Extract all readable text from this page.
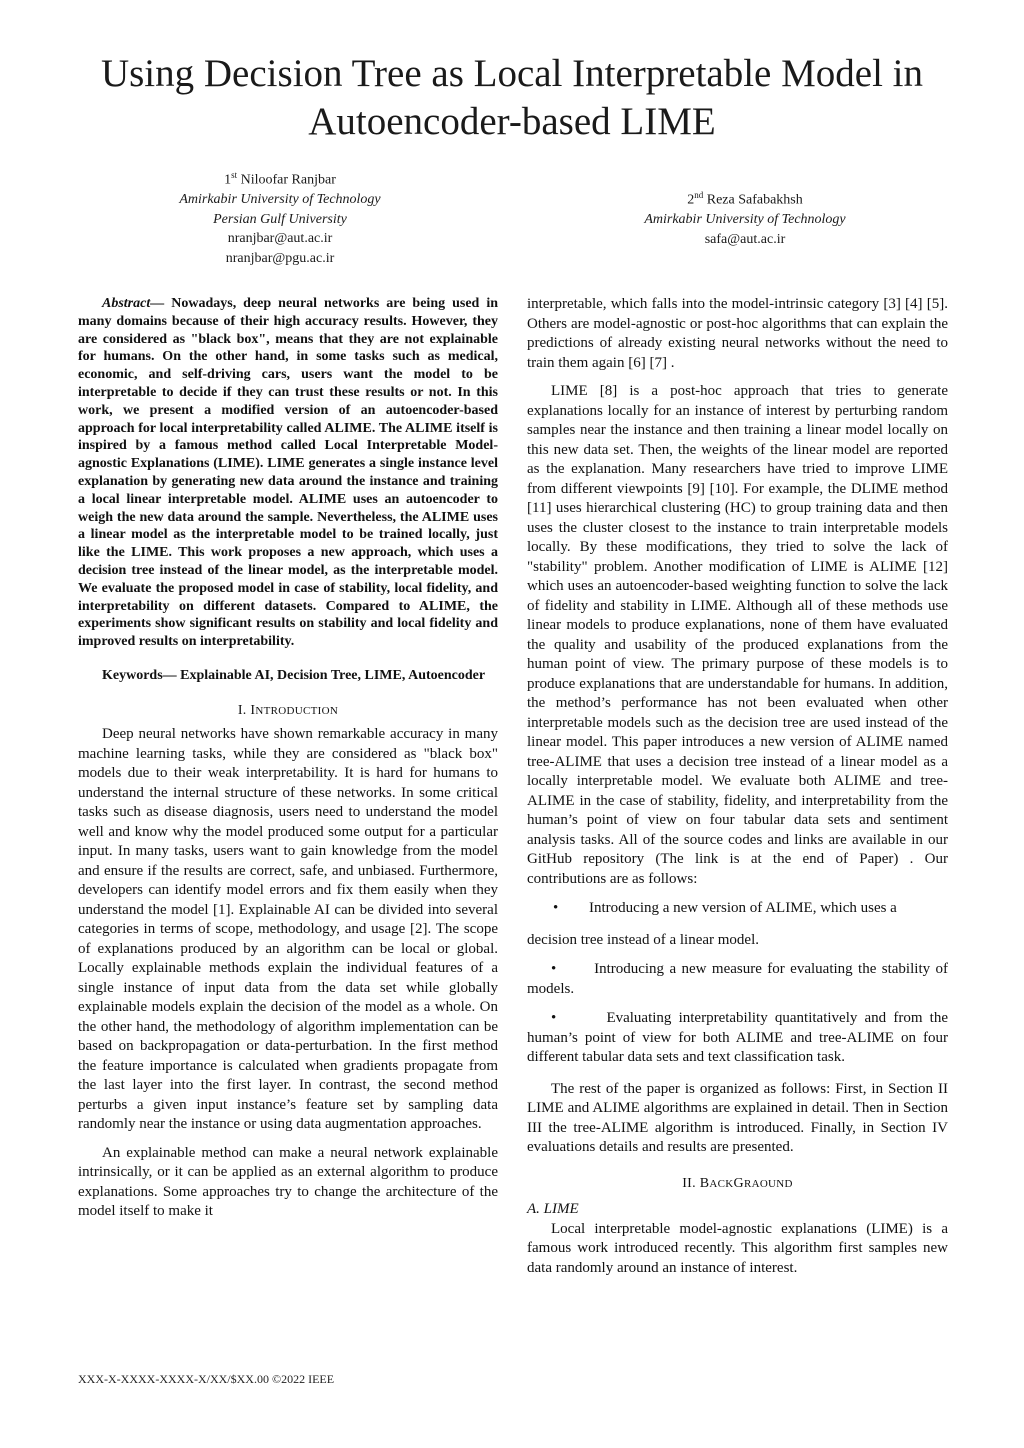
Using Decision Tree as Local Interpretable Model in Autoencoder-based LIME
1st Niloofar Ranjbar
Amirkabir University of Technology
Persian Gulf University
nranjbar@aut.ac.ir
nranjbar@pgu.ac.ir
2nd Reza Safabakhsh
Amirkabir University of Technology
safa@aut.ac.ir

Abstract— Nowadays, deep neural networks are being used in many domains because of their high accuracy results. However, they are considered as "black box", means that they are not explainable for humans. On the other hand, in some tasks such as medical, economic, and self-driving cars, users want the model to be interpretable to decide if they can trust these results or not. In this work, we present a modified version of an autoencoder-based approach for local interpretability called ALIME. The ALIME itself is inspired by a famous method called Local Interpretable Model-agnostic Explanations (LIME). LIME generates a single instance level explanation by generating new data around the instance and training a local linear interpretable model. ALIME uses an autoencoder to weigh the new data around the sample. Nevertheless, the ALIME uses a linear model as the interpretable model to be trained locally, just like the LIME. This work proposes a new approach, which uses a decision tree instead of the linear model, as the interpretable model. We evaluate the proposed model in case of stability, local fidelity, and interpretability on different datasets. Compared to ALIME, the experiments show significant results on stability and local fidelity and improved results on interpretability.

Keywords— Explainable AI, Decision Tree, LIME, Autoencoder

I. INTRODUCTION

Deep neural networks have shown remarkable accuracy in many machine learning tasks, while they are considered as "black box" models due to their weak interpretability. It is hard for humans to understand the internal structure of these networks. In some critical tasks such as disease diagnosis, users need to understand the model well and know why the model produced some output for a particular input. In many tasks, users want to gain knowledge from the model and ensure if the results are correct, safe, and unbiased. Furthermore, developers can identify model errors and fix them easily when they understand the model [1]. Explainable AI can be divided into several categories in terms of scope, methodology, and usage [2]. The scope of explanations produced by an algorithm can be local or global. Locally explainable methods explain the individual features of a single instance of input data from the data set while globally explainable models explain the decision of the model as a whole. On the other hand, the methodology of algorithm implementation can be based on backpropagation or data-perturbation. In the first method the feature importance is calculated when gradients propagate from the last layer into the first layer. In contrast, the second method perturbs a given input instance’s feature set by sampling data randomly near the instance or using data augmentation approaches.

An explainable method can make a neural network explainable intrinsically, or it can be applied as an external algorithm to produce explanations. Some approaches try to change the architecture of the model itself to make it

interpretable, which falls into the model-intrinsic category [3] [4] [5]. Others are model-agnostic or post-hoc algorithms that can explain the predictions of already existing neural networks without the need to train them again [6] [7] .

LIME [8] is a post-hoc approach that tries to generate explanations locally for an instance of interest by perturbing random samples near the instance and then training a linear model locally on this new data set. Then, the weights of the linear model are reported as the explanation. Many researchers have tried to improve LIME from different viewpoints [9] [10]. For example, the DLIME method [11] uses hierarchical clustering (HC) to group training data and then uses the cluster closest to the instance to train interpretable models locally. By these modifications, they tried to solve the lack of "stability" problem. Another modification of LIME is ALIME [12] which uses an autoencoder-based weighting function to solve the lack of fidelity and stability in LIME. Although all of these methods use linear models to produce explanations, none of them have evaluated the quality and usability of the produced explanations from the human point of view. The primary purpose of these models is to produce explanations that are understandable for humans. In addition, the method’s performance has not been evaluated when other interpretable models such as the decision tree are used instead of the linear model. This paper introduces a new version of ALIME named tree-ALIME that uses a decision tree instead of a linear model as a locally interpretable model. We evaluate both ALIME and tree-ALIME in the case of stability, fidelity, and interpretability from the human’s point of view on four tabular data sets and sentiment analysis tasks. All of the source codes and links are available in our GitHub repository (The link is at the end of Paper) . Our contributions are as follows:

•	Introducing a new version of ALIME, which uses a

decision tree instead of a linear model.

•	Introducing a new measure for evaluating the stability of models.

•	Evaluating interpretability quantitatively and from the human’s point of view for both ALIME and tree-ALIME on four different tabular data sets and text classification task.

The rest of the paper is organized as follows: First, in Section II LIME and ALIME algorithms are explained in detail. Then in Section III the tree-ALIME algorithm is introduced. Finally, in Section IV evaluations details and results are presented.

II. BACKGRAOUND

A. LIME

Local interpretable model-agnostic explanations (LIME) is a famous work introduced recently. This algorithm first samples new data randomly around an instance of interest.

XXX-X-XXXX-XXXX-X/XX/$XX.00 ©2022 IEEE
